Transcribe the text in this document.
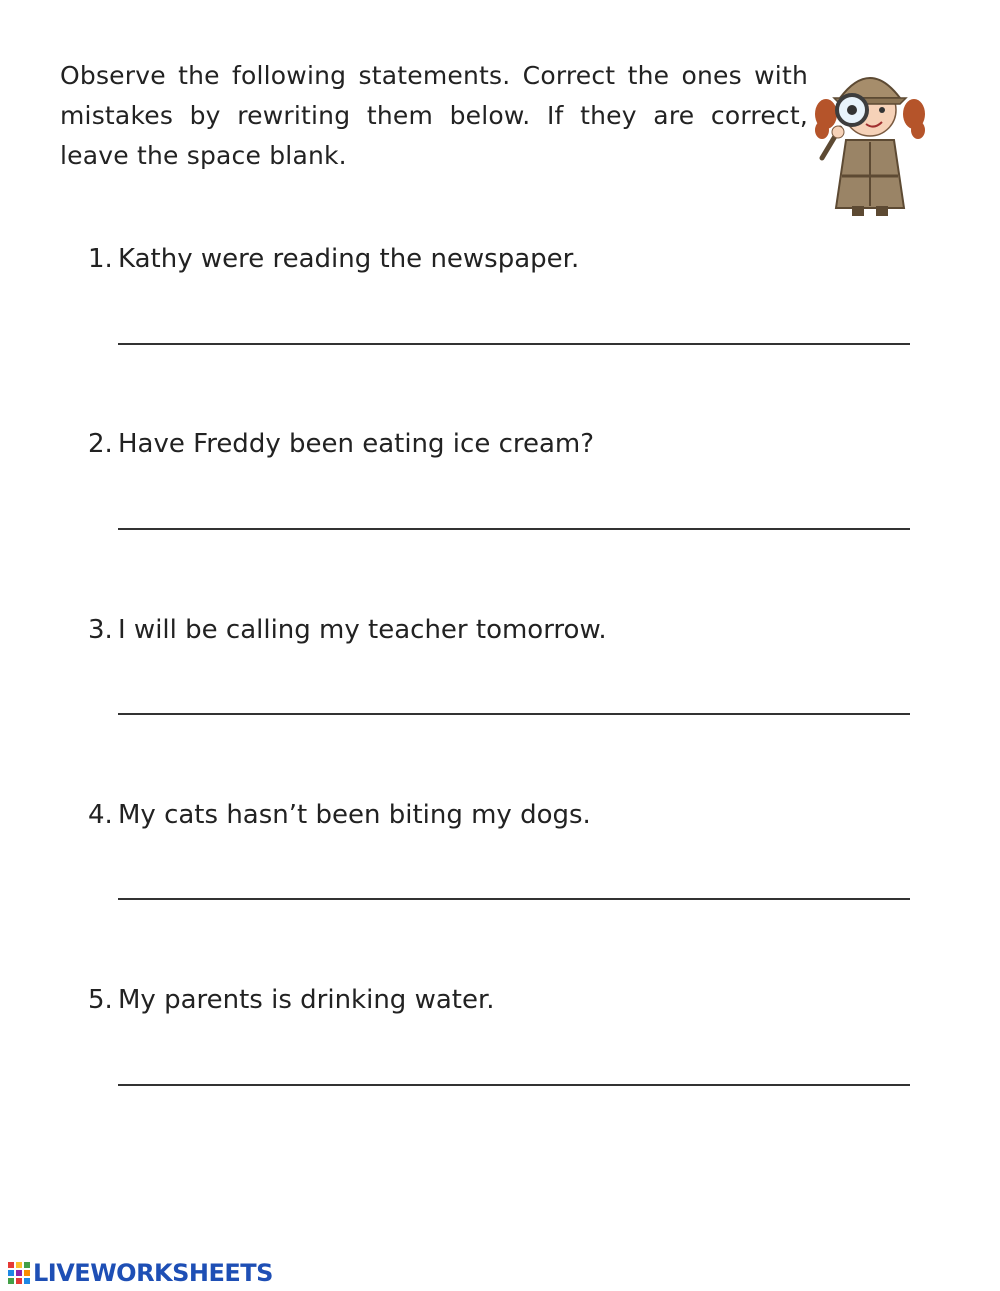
Observe the following statements. Correct the ones with mistakes by rewriting them below. If they are correct, leave the space blank.
1. Kathy were reading the newspaper.
2. Have Freddy been eating ice cream?
3. I will be calling my teacher tomorrow.
4. My cats hasn’t been biting my dogs.
5. My parents is drinking water.
LIVEWORKSHEETS
